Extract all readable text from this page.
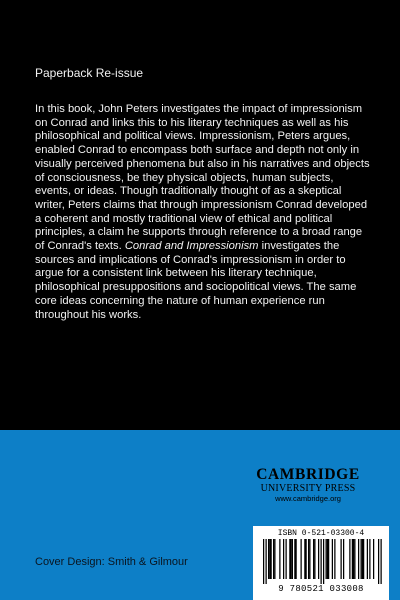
Paperback Re-issue

In this book, John Peters investigates the impact of impressionism on Conrad and links this to his literary techniques as well as his philosophical and political views. Impressionism, Peters argues, enabled Conrad to encompass both surface and depth not only in visually perceived phenomena but also in his narratives and objects of consciousness, be they physical objects, human subjects, events, or ideas. Though traditionally thought of as a skeptical writer, Peters claims that through impressionism Conrad developed a coherent and mostly traditional view of ethical and political principles, a claim he supports through reference to a broad range of Conrad's texts. Conrad and Impressionism investigates the sources and implications of Conrad's impressionism in order to argue for a consistent link between his literary technique, philosophical presuppositions and sociopolitical views. The same core ideas concerning the nature of human experience run throughout his works.

CAMBRIDGE
UNIVERSITY PRESS
www.cambridge.org
Cover Design: Smith & Gilmour
ISBN 0-521-03300-4
9 780521 033008
